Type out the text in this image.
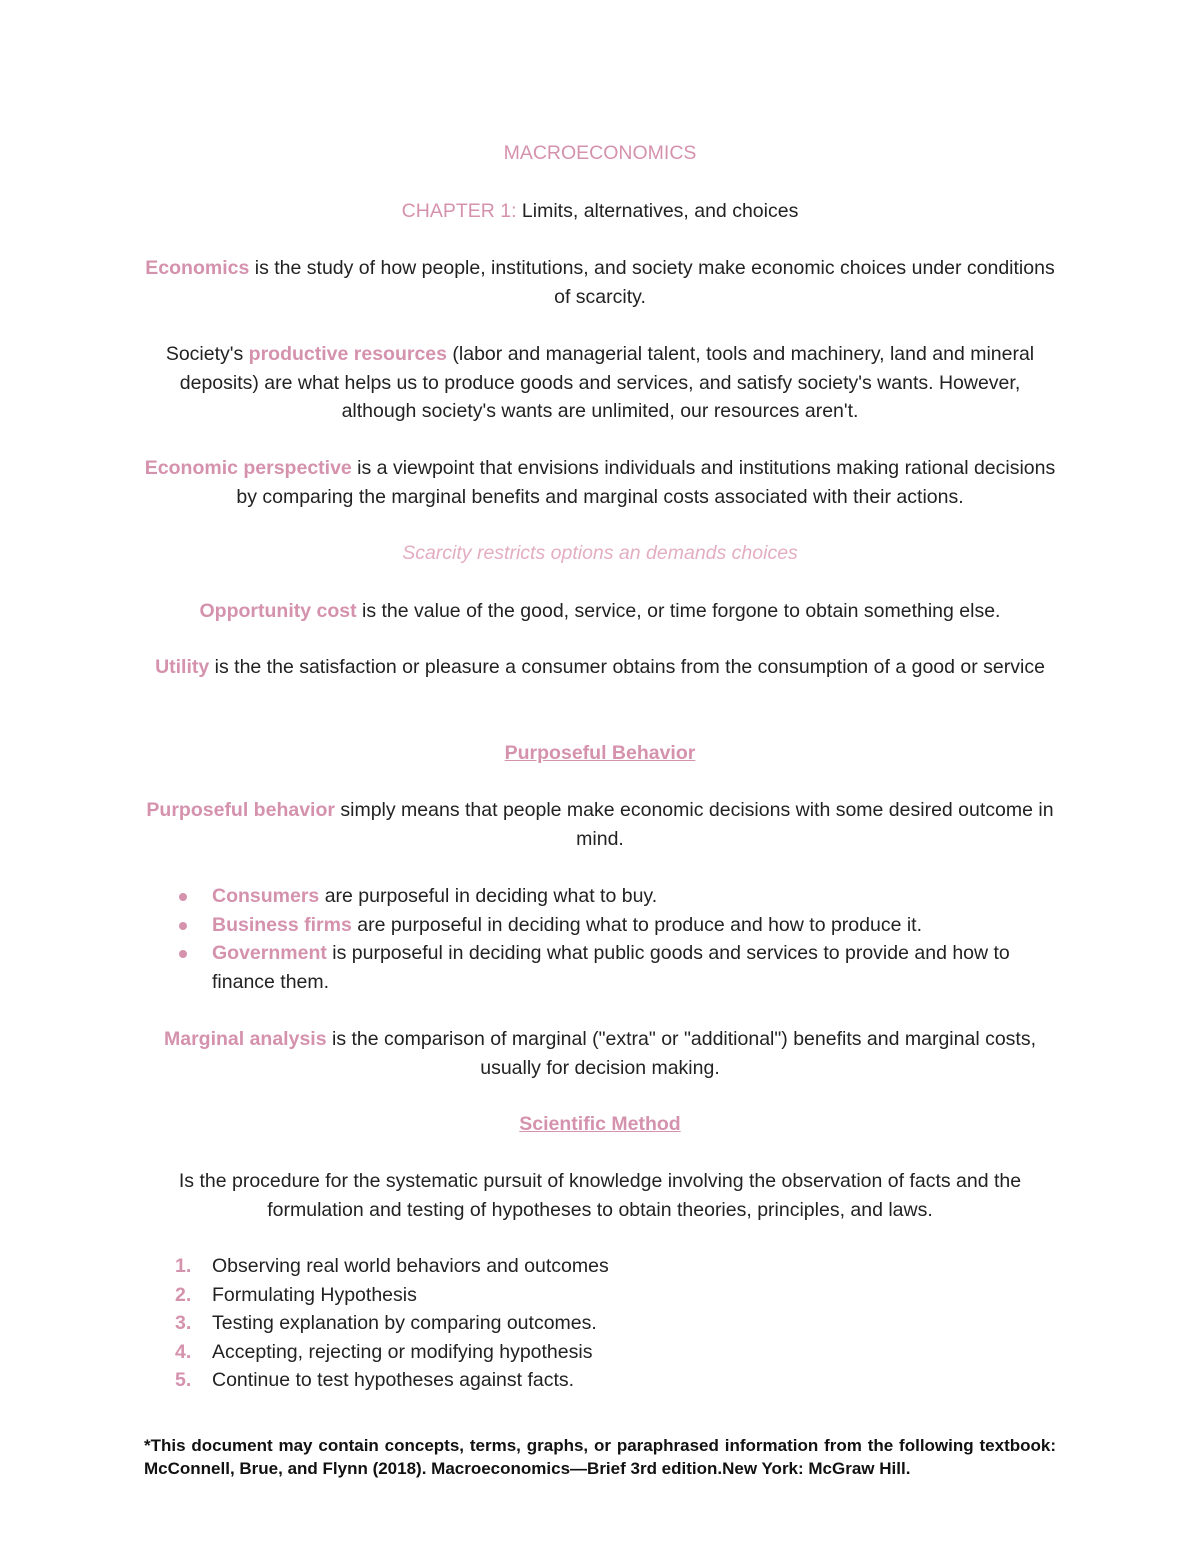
MACROECONOMICS
CHAPTER 1: Limits, alternatives, and choices
Economics is the study of how people, institutions, and society make economic choices under conditions of scarcity.
Society's productive resources (labor and managerial talent, tools and machinery, land and mineral deposits) are what helps us to produce goods and services, and satisfy society's wants. However, although society's wants are unlimited, our resources aren't.
Economic perspective is a viewpoint that envisions individuals and institutions making rational decisions by comparing the marginal benefits and marginal costs associated with their actions.
Scarcity restricts options an demands choices
Opportunity cost is the value of the good, service, or time forgone to obtain something else.
Utility is the the satisfaction or pleasure a consumer obtains from the consumption of a good or service
Purposeful Behavior
Purposeful behavior simply means that people make economic decisions with some desired outcome in mind.
Consumers are purposeful in deciding what to buy.
Business firms are purposeful in deciding what to produce and how to produce it.
Government is purposeful in deciding what public goods and services to provide and how to finance them.
Marginal analysis is the comparison of marginal ("extra" or "additional") benefits and marginal costs, usually for decision making.
Scientific Method
Is the procedure for the systematic pursuit of knowledge involving the observation of facts and the formulation and testing of hypotheses to obtain theories, principles, and laws.
1. Observing real world behaviors and outcomes
2. Formulating Hypothesis
3. Testing explanation by comparing outcomes.
4. Accepting, rejecting or modifying hypothesis
5. Continue to test hypotheses against facts.
*This document may contain concepts, terms, graphs, or paraphrased information from the following textbook: McConnell, Brue, and Flynn (2018). Macroeconomics—Brief 3rd edition.New York: McGraw Hill.
